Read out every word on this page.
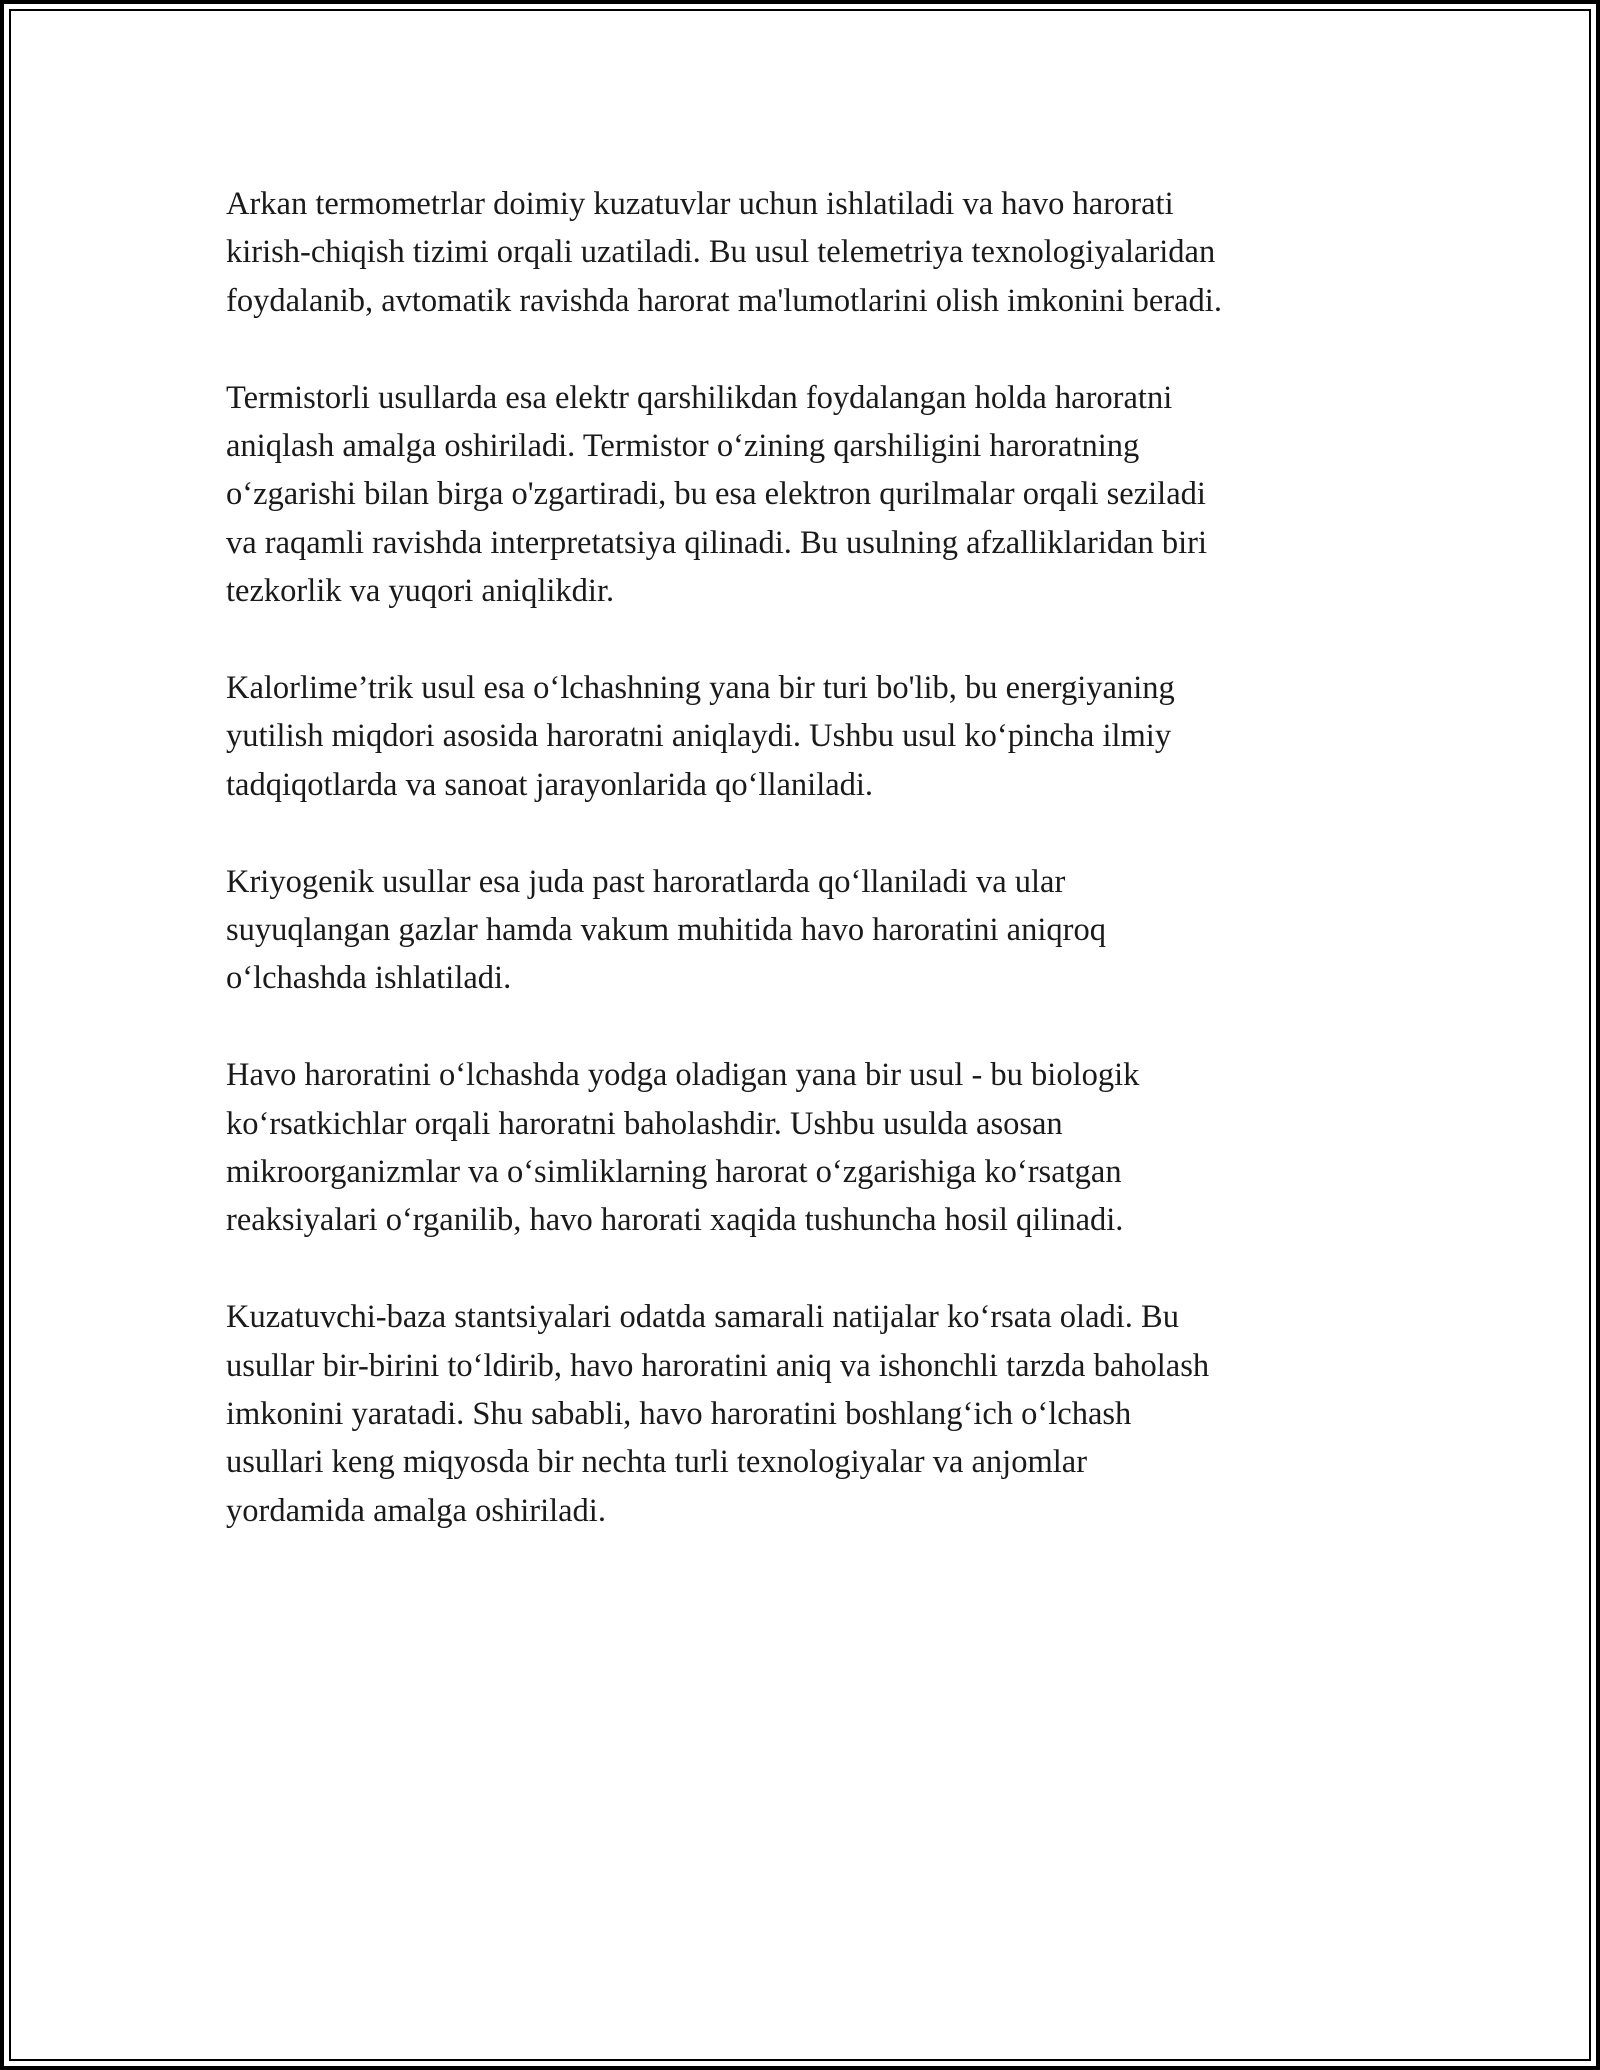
Arkan termometrlar doimiy kuzatuvlar uchun ishlatiladi va havo harorati
kirish-chiqish tizimi orqali uzatiladi. Bu usul telemetriya texnologiyalaridan
foydalanib, avtomatik ravishda harorat ma'lumotlarini olish imkonini beradi.

Termistorli usullarda esa elektr qarshilikdan foydalangan holda haroratni
aniqlash amalga oshiriladi. Termistor o‘zining qarshiligini haroratning
o‘zgarishi bilan birga o'zgartiradi, bu esa elektron qurilmalar orqali seziladi
va raqamli ravishda interpretatsiya qilinadi. Bu usulning afzalliklaridan biri
tezkorlik va yuqori aniqlikdir.

Kalorlime’trik usul esa o‘lchashning yana bir turi bo'lib, bu energiyaning
yutilish miqdori asosida haroratni aniqlaydi. Ushbu usul ko‘pincha ilmiy
tadqiqotlarda va sanoat jarayonlarida qo‘llaniladi.

Kriyogenik usullar esa juda past haroratlarda qo‘llaniladi va ular
suyuqlangan gazlar hamda vakum muhitida havo haroratini aniqroq
o‘lchashda ishlatiladi.

Havo haroratini o‘lchashda yodga oladigan yana bir usul - bu biologik
ko‘rsatkichlar orqali haroratni baholashdir. Ushbu usulda asosan
mikroorganizmlar va o‘simliklarning harorat o‘zgarishiga ko‘rsatgan
reaksiyalari o‘rganilib, havo harorati xaqida tushuncha hosil qilinadi.

Kuzatuvchi-baza stantsiyalari odatda samarali natijalar ko‘rsata oladi. Bu
usullar bir-birini to‘ldirib, havo haroratini aniq va ishonchli tarzda baholash
imkonini yaratadi. Shu sababli, havo haroratini boshlang‘ich o‘lchash
usullari keng miqyosda bir nechta turli texnologiyalar va anjomlar
yordamida amalga oshiriladi.
